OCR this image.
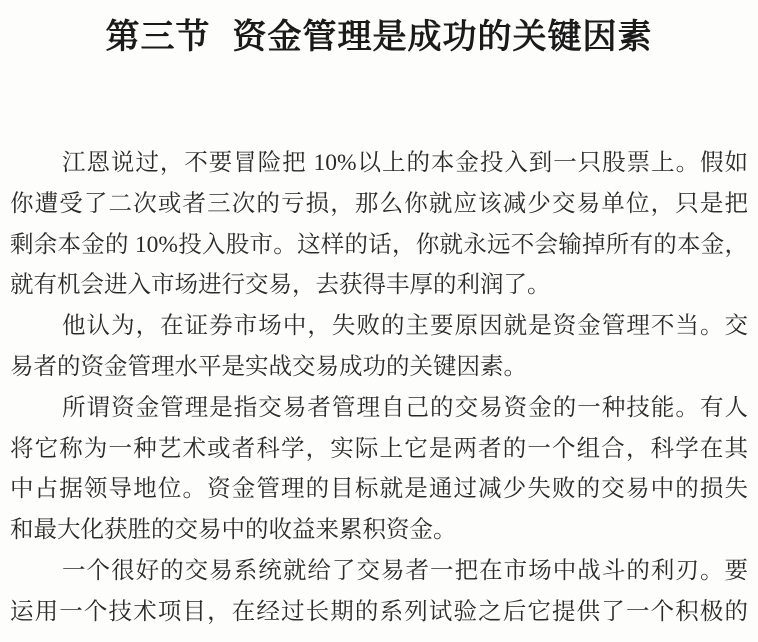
第三节 资金管理是成功的关键因素
江恩说过，不要冒险把 10%以上的本金投入到一只股票上。假如
你遭受了二次或者三次的亏损，那么你就应该减少交易单位，只是把
剩余本金的 10%投入股市。这样的话，你就永远不会输掉所有的本金，
就有机会进入市场进行交易，去获得丰厚的利润了。
他认为，在证券市场中，失败的主要原因就是资金管理不当。交
易者的资金管理水平是实战交易成功的关键因素。
所谓资金管理是指交易者管理自己的交易资金的一种技能。有人
将它称为一种艺术或者科学，实际上它是两者的一个组合，科学在其
中占据领导地位。资金管理的目标就是通过减少失败的交易中的损失
和最大化获胜的交易中的收益来累积资金。
一个很好的交易系统就给了交易者一把在市场中战斗的利刃。要
运用一个技术项目，在经过长期的系列试验之后它提供了一个积极的
